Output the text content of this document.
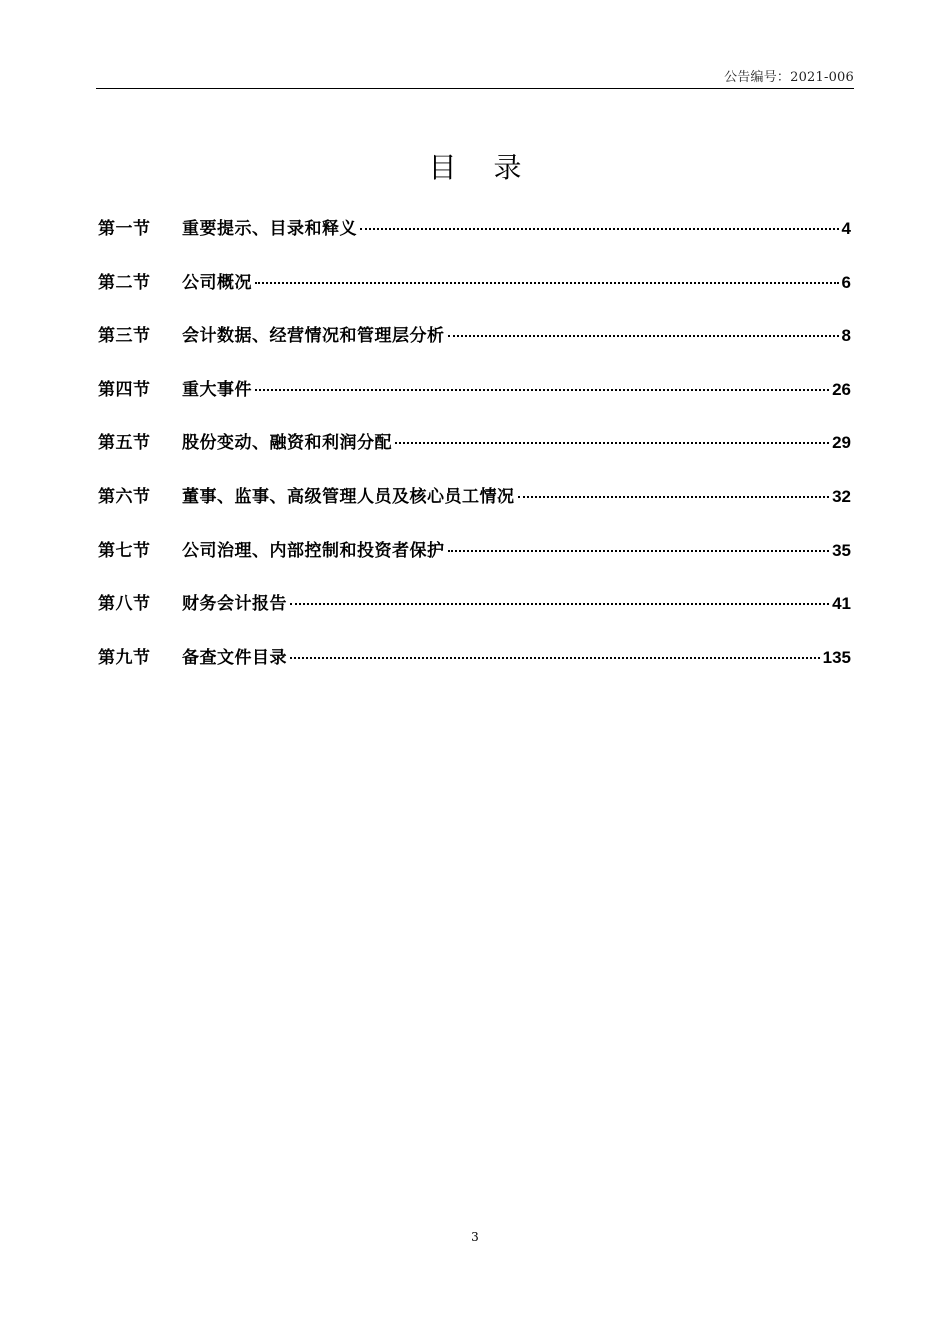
公告编号：2021-006
目 录
第一节	重要提示、目录和释义	4
第二节	公司概况	6
第三节	会计数据、经营情况和管理层分析	8
第四节	重大事件	26
第五节	股份变动、融资和利润分配	29
第六节	董事、监事、高级管理人员及核心员工情况	32
第七节	公司治理、内部控制和投资者保护	35
第八节	财务会计报告	41
第九节	备查文件目录	135
3
